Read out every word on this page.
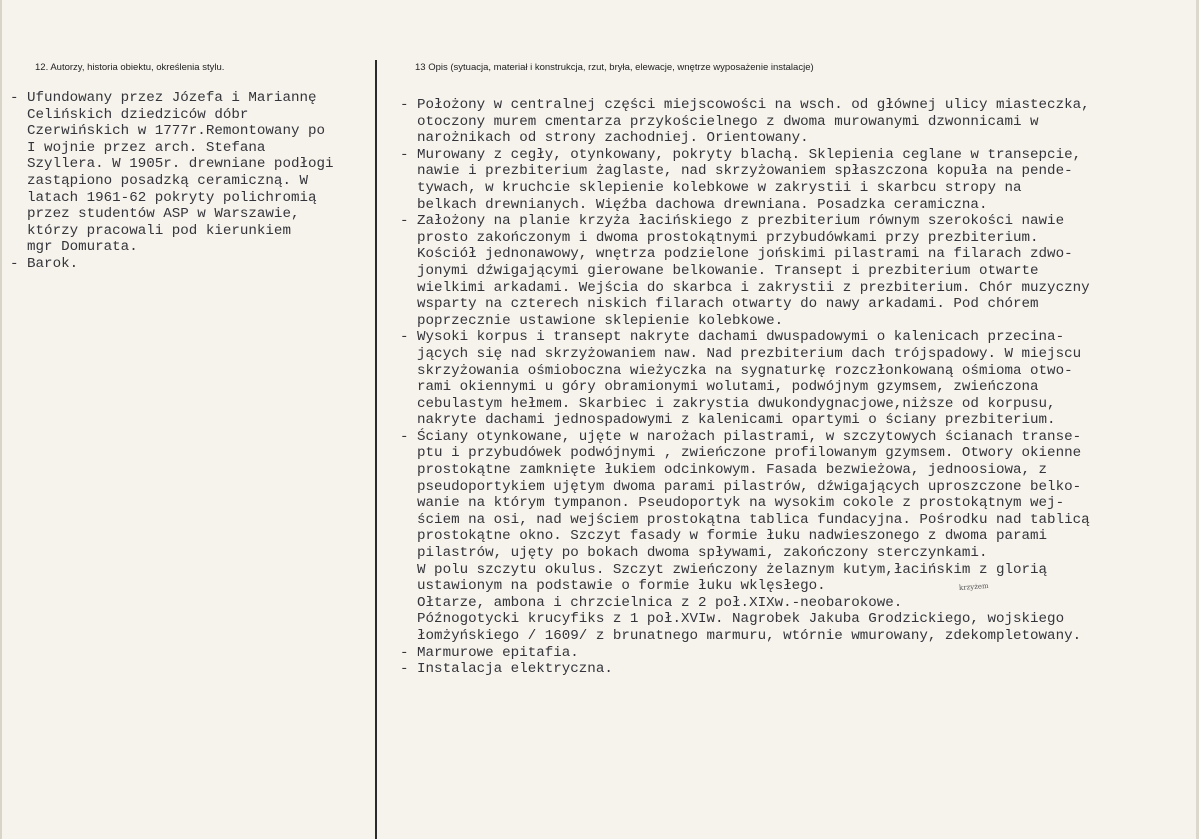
12. Autorzy, historia obiektu, określenia stylu.	13 Opis (sytuacja, materiał i konstrukcja, rzut, bryła, elewacje, wnętrze wyposażenie instalacje)

- Ufundowany przez Józefa i Mariannę
Celińskich dziedziców dóbr
Czerwińskich w 1777r.Remontowany po
I wojnie przez arch. Stefana
Szyllera. W 1905r. drewniane podłogi
zastąpiono posadzką ceramiczną. W
latach 1961-62 pokryty polichromią
przez studentów ASP w Warszawie,
którzy pracowali pod kierunkiem
mgr Domurata.

- Barok.

- Położony w centralnej części miejscowości na wsch. od głównej ulicy miasteczka,
otoczony murem cmentarza przykościelnego z dwoma murowanymi dzwonnicami w
narożnikach od strony zachodniej. Orientowany.

- Murowany z cegły, otynkowany, pokryty blachą. Sklepienia ceglane w transepcie,
nawie i prezbiterium żaglaste, nad skrzyżowaniem spłaszczona kopuła na pende-
tywach, w kruchcie sklepienie kolebkowe w zakrystii i skarbcu stropy na
belkach drewnianych. Więźba dachowa drewniana. Posadzka ceramiczna.

- Założony na planie krzyża łacińskiego z prezbiterium równym szerokości nawie
prosto zakończonym i dwoma prostokątnymi przybudówkami przy prezbiterium.
Kościół jednonawowy, wnętrza podzielone jońskimi pilastrami na filarach zdwo-
jonymi dźwigającymi gierowane belkowanie. Transept i prezbiterium otwarte
wielkimi arkadami. Wejścia do skarbca i zakrystii z prezbiterium. Chór muzyczny
wsparty na czterech niskich filarach otwarty do nawy arkadami. Pod chórem
poprzecznie ustawione sklepienie kolebkowe.

- Wysoki korpus i transept nakryte dachami dwuspadowymi o kalenicach przecina-
jących się nad skrzyżowaniem naw. Nad prezbiterium dach trójspadowy. W miejscu
skrzyżowania ośmioboczna wieżyczka na sygnaturkę rozczłonkowaną ośmioma otwo-
rami okiennymi u góry obramionymi wolutami, podwójnym gzymsem, zwieńczona
cebulastym hełmem. Skarbiec i zakrystia dwukondygnacjowe,niższe od korpusu,
nakryte dachami jednospadowymi z kalenicami opartymi o ściany prezbiterium.

- Ściany otynkowane, ujęte w narożach pilastrami, w szczytowych ścianach transe-
ptu i przybudówek podwójnymi , zwieńczone profilowanym gzymsem. Otwory okienne
prostokątne zamknięte łukiem odcinkowym. Fasada bezwieżowa, jednoosiowa, z
pseudoportykiem ujętym dwoma parami pilastrów, dźwigających uproszczone belko-
wanie na którym tympanon. Pseudoportyk na wysokim cokole z prostokątnym wej-
ściem na osi, nad wejściem prostokątna tablica fundacyjna. Pośrodku nad tablicą
prostokątne okno. Szczyt fasady w formie łuku nadwieszonego z dwoma parami
pilastrów, ujęty po bokach dwoma spływami, zakończony sterczynkami.
W polu szczytu okulus. Szczyt zwieńczony żelaznym kutym,łacińskim z glorią
ustawionym na podstawie o formie łuku wklęsłego.
Ołtarze, ambona i chrzcielnica z 2 poł.XIXw.-neobarokowe.
Późnogotycki krucyfiks z 1 poł.XVIw. Nagrobek Jakuba Grodzickiego, wojskiego
łomżyńskiego / 1609/ z brunatnego marmuru, wtórnie wmurowany, zdekompletowany.

- Marmurowe epitafia.

- Instalacja elektryczna.

krzyżem
